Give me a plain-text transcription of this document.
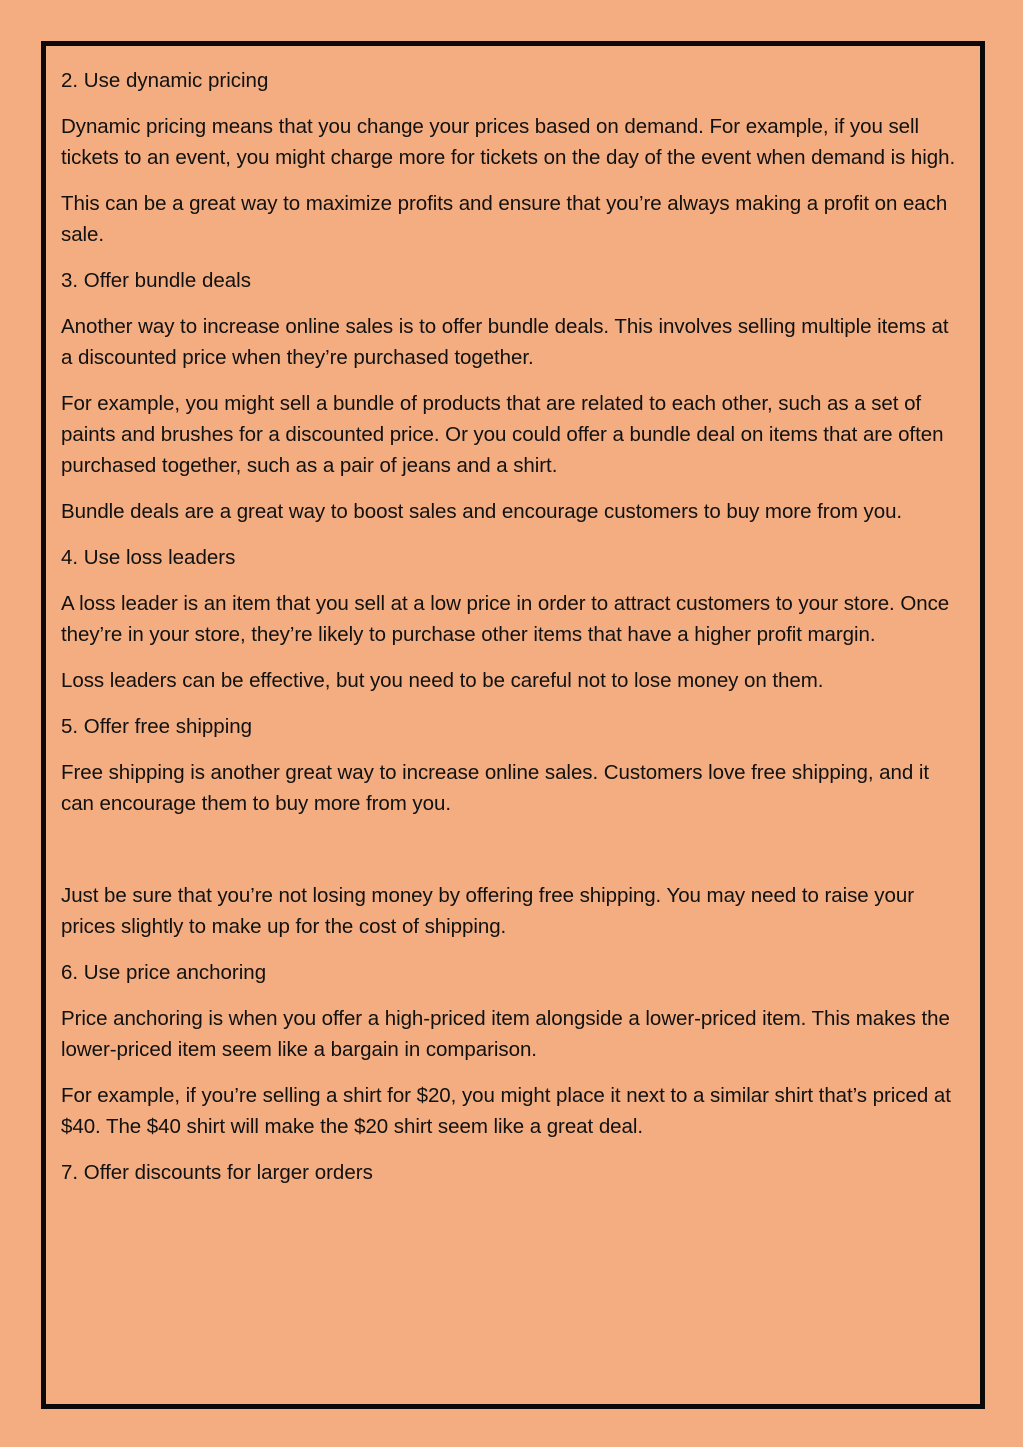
2. Use dynamic pricing

Dynamic pricing means that you change your prices based on demand. For example, if you sell tickets to an event, you might charge more for tickets on the day of the event when demand is high.

This can be a great way to maximize profits and ensure that you’re always making a profit on each sale.

3. Offer bundle deals

Another way to increase online sales is to offer bundle deals. This involves selling multiple items at a discounted price when they’re purchased together.

For example, you might sell a bundle of products that are related to each other, such as a set of paints and brushes for a discounted price. Or you could offer a bundle deal on items that are often purchased together, such as a pair of jeans and a shirt.

Bundle deals are a great way to boost sales and encourage customers to buy more from you.

4. Use loss leaders

A loss leader is an item that you sell at a low price in order to attract customers to your store. Once they’re in your store, they’re likely to purchase other items that have a higher profit margin.

Loss leaders can be effective, but you need to be careful not to lose money on them.

5. Offer free shipping

Free shipping is another great way to increase online sales. Customers love free shipping, and it can encourage them to buy more from you.

Just be sure that you’re not losing money by offering free shipping. You may need to raise your prices slightly to make up for the cost of shipping.

6. Use price anchoring

Price anchoring is when you offer a high-priced item alongside a lower-priced item. This makes the lower-priced item seem like a bargain in comparison.

For example, if you’re selling a shirt for $20, you might place it next to a similar shirt that’s priced at $40. The $40 shirt will make the $20 shirt seem like a great deal.

7. Offer discounts for larger orders
